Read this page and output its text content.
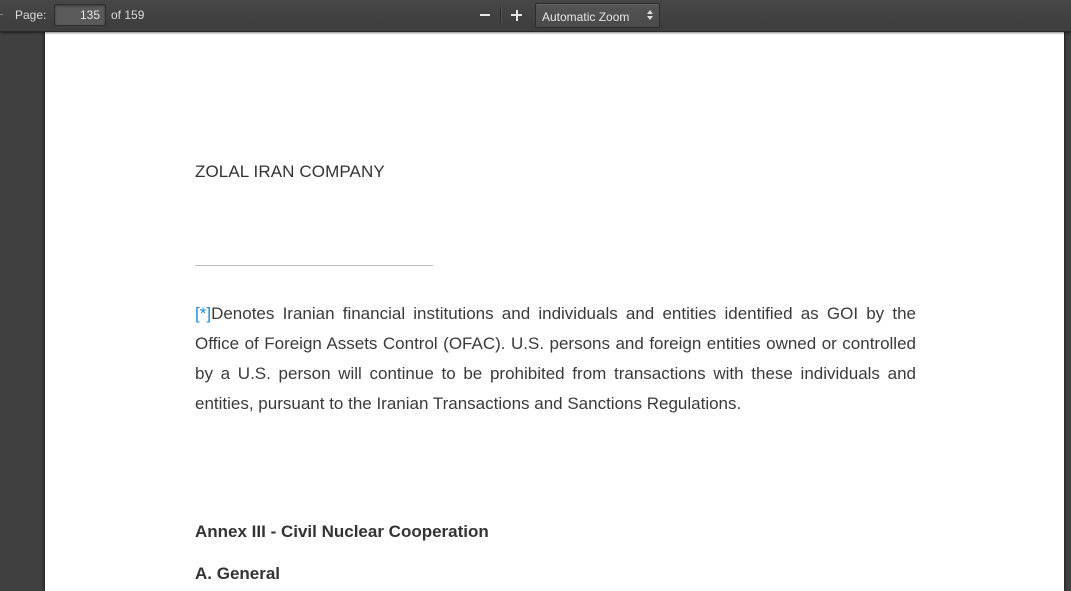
Page:
135	of 159	Automatic Zoom
ZOLAL IRAN COMPANY

[*]Denotes Iranian financial institutions and individuals and entities identified as GOI by the Office of Foreign Assets Control (OFAC). U.S. persons and foreign entities owned or controlled by a U.S. person will continue to be prohibited from transactions with these individuals and entities, pursuant to the Iranian Transactions and Sanctions Regulations.

Annex III - Civil Nuclear Cooperation
A. General
